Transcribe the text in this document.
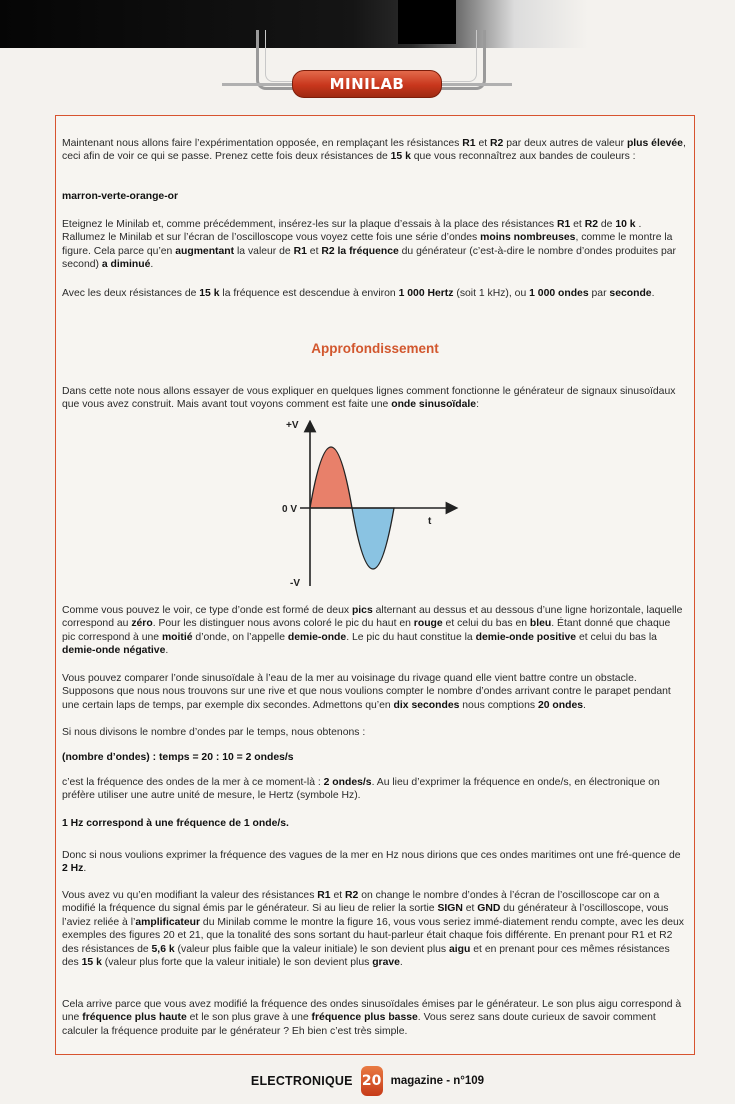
MINILAB
Maintenant nous allons faire l’expérimentation opposée, en remplaçant les résistances R1 et R2 par deux autres de valeur plus élevée, ceci afin de voir ce qui se passe. Prenez cette fois deux résistances de 15 k que vous reconnaîtrez aux bandes de couleurs :
marron-verte-orange-or
Eteignez le Minilab et, comme précédemment, insérez-les sur la plaque d’essais à la place des résistances R1 et R2 de 10 k . Rallumez le Minilab et sur l’écran de l’oscilloscope vous voyez cette fois une série d’ondes moins nombreuses, comme le montre la figure. Cela parce qu’en augmentant la valeur de R1 et R2 la fréquence du générateur (c’est-à-dire le nombre d’ondes produites par second) a diminué.
Avec les deux résistances de 15 k la fréquence est descendue à environ 1 000 Hertz (soit 1 kHz), ou 1 000 ondes par seconde.
Approfondissement
Dans cette note nous allons essayer de vous expliquer en quelques lignes comment fonctionne le générateur de signaux sinusoïdaux que vous avez construit. Mais avant tout voyons comment est faite une onde sinusoïdale:
+V
0 V
-V
t
Comme vous pouvez le voir, ce type d’onde est formé de deux pics alternant au dessus et au dessous d’une ligne horizontale, laquelle correspond au zéro. Pour les distinguer nous avons coloré le pic du haut en rouge et celui du bas en bleu. Étant donné que chaque pic correspond à une moitié d’onde, on l’appelle demie-onde. Le pic du haut constitue la demie-onde positive et celui du bas la demie-onde négative.
Vous pouvez comparer l’onde sinusoïdale à l’eau de la mer au voisinage du rivage quand elle vient battre contre un obstacle. Supposons que nous nous trouvons sur une rive et que nous voulions compter le nombre d’ondes arrivant contre le parapet pendant une certain laps de temps, par exemple dix secondes. Admettons qu’en dix secondes nous comptions 20 ondes.
Si nous divisons le nombre d’ondes par le temps, nous obtenons :
(nombre d’ondes) : temps = 20 : 10 = 2 ondes/s
c’est la fréquence des ondes de la mer à ce moment-là : 2 ondes/s. Au lieu d’exprimer la fréquence en onde/s, en électronique on préfère utiliser une autre unité de mesure, le Hertz (symbole Hz).
1 Hz correspond à une fréquence de 1 onde/s.
Donc si nous voulions exprimer la fréquence des vagues de la mer en Hz nous dirions que ces ondes maritimes ont une fré-quence de 2 Hz.
Vous avez vu qu’en modifiant la valeur des résistances R1 et R2 on change le nombre d’ondes à l’écran de l’oscilloscope car on a modifié la fréquence du signal émis par le générateur. Si au lieu de relier la sortie SIGN et GND du générateur à l’oscilloscope, vous l’aviez reliée à l’amplificateur du Minilab comme le montre la figure 16, vous vous seriez immé-diatement rendu compte, avec les deux exemples des figures 20 et 21, que la tonalité des sons sortant du haut-parleur était chaque fois différente. En prenant pour R1 et R2 des résistances de 5,6 k (valeur plus faible que la valeur initiale) le son devient plus aigu et en prenant pour ces mêmes résistances des 15 k (valeur plus forte que la valeur initiale) le son devient plus grave.
Cela arrive parce que vous avez modifié la fréquence des ondes sinusoïdales émises par le générateur. Le son plus aigu correspond à une fréquence plus haute et le son plus grave à une fréquence plus basse. Vous serez sans doute curieux de savoir comment calculer la fréquence produite par le générateur ? Eh bien c’est très simple.
ELECTRONIQUE 20 magazine - n°109
